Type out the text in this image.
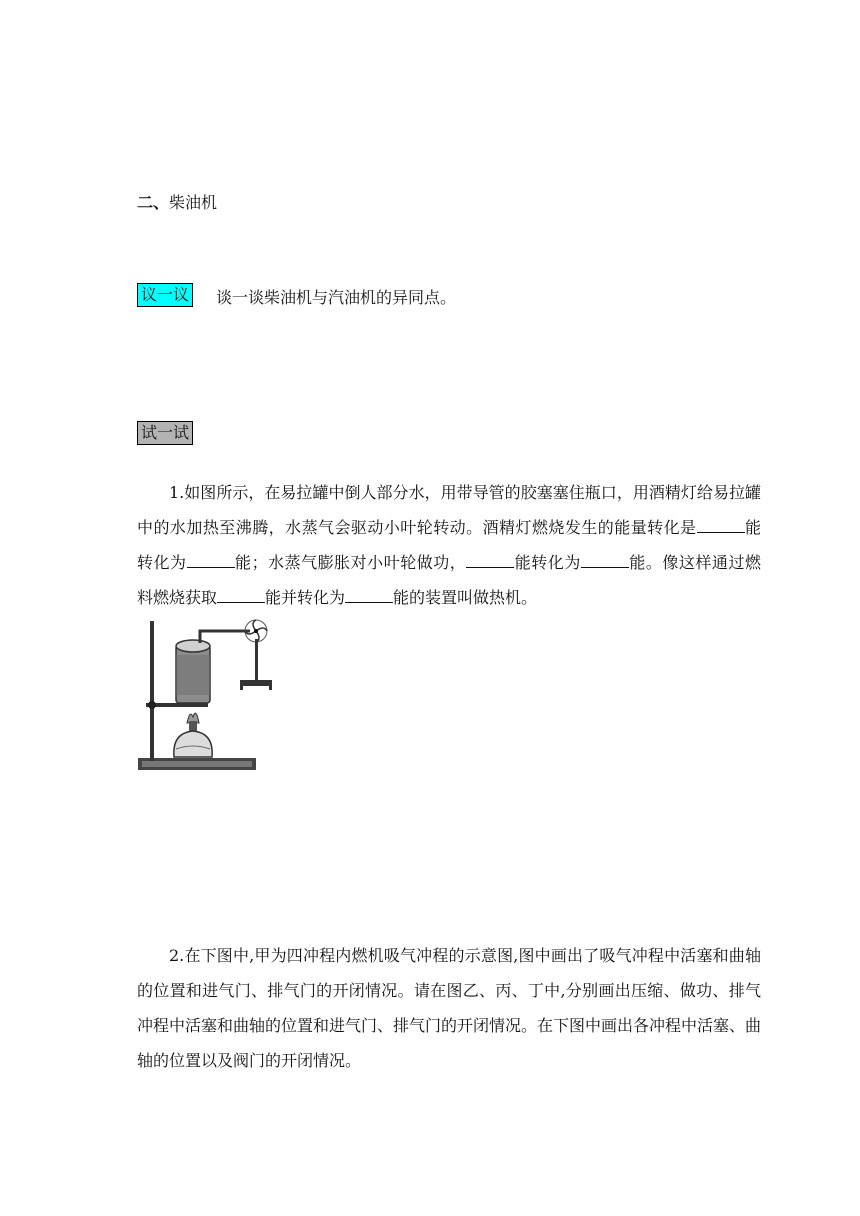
二、柴油机
议一议 谈一谈柴油机与汽油机的异同点。
试一试
1.如图所示，在易拉罐中倒人部分水，用带导管的胶塞塞住瓶口，用酒精灯给易拉罐中的水加热至沸腾，水蒸气会驱动小叶轮转动。酒精灯燃烧发生的能量转化是	能转化为	能；水蒸气膨胀对小叶轮做功，	能转化为	能。像这样通过燃料燃烧获取	能并转化为	能的装置叫做热机。
2.在下图中,甲为四冲程内燃机吸气冲程的示意图,图中画出了吸气冲程中活塞和曲轴的位置和进气门、排气门的开闭情况。请在图乙、丙、丁中,分别画出压缩、做功、排气冲程中活塞和曲轴的位置和进气门、排气门的开闭情况。在下图中画出各冲程中活塞、曲轴的位置以及阀门的开闭情况。
